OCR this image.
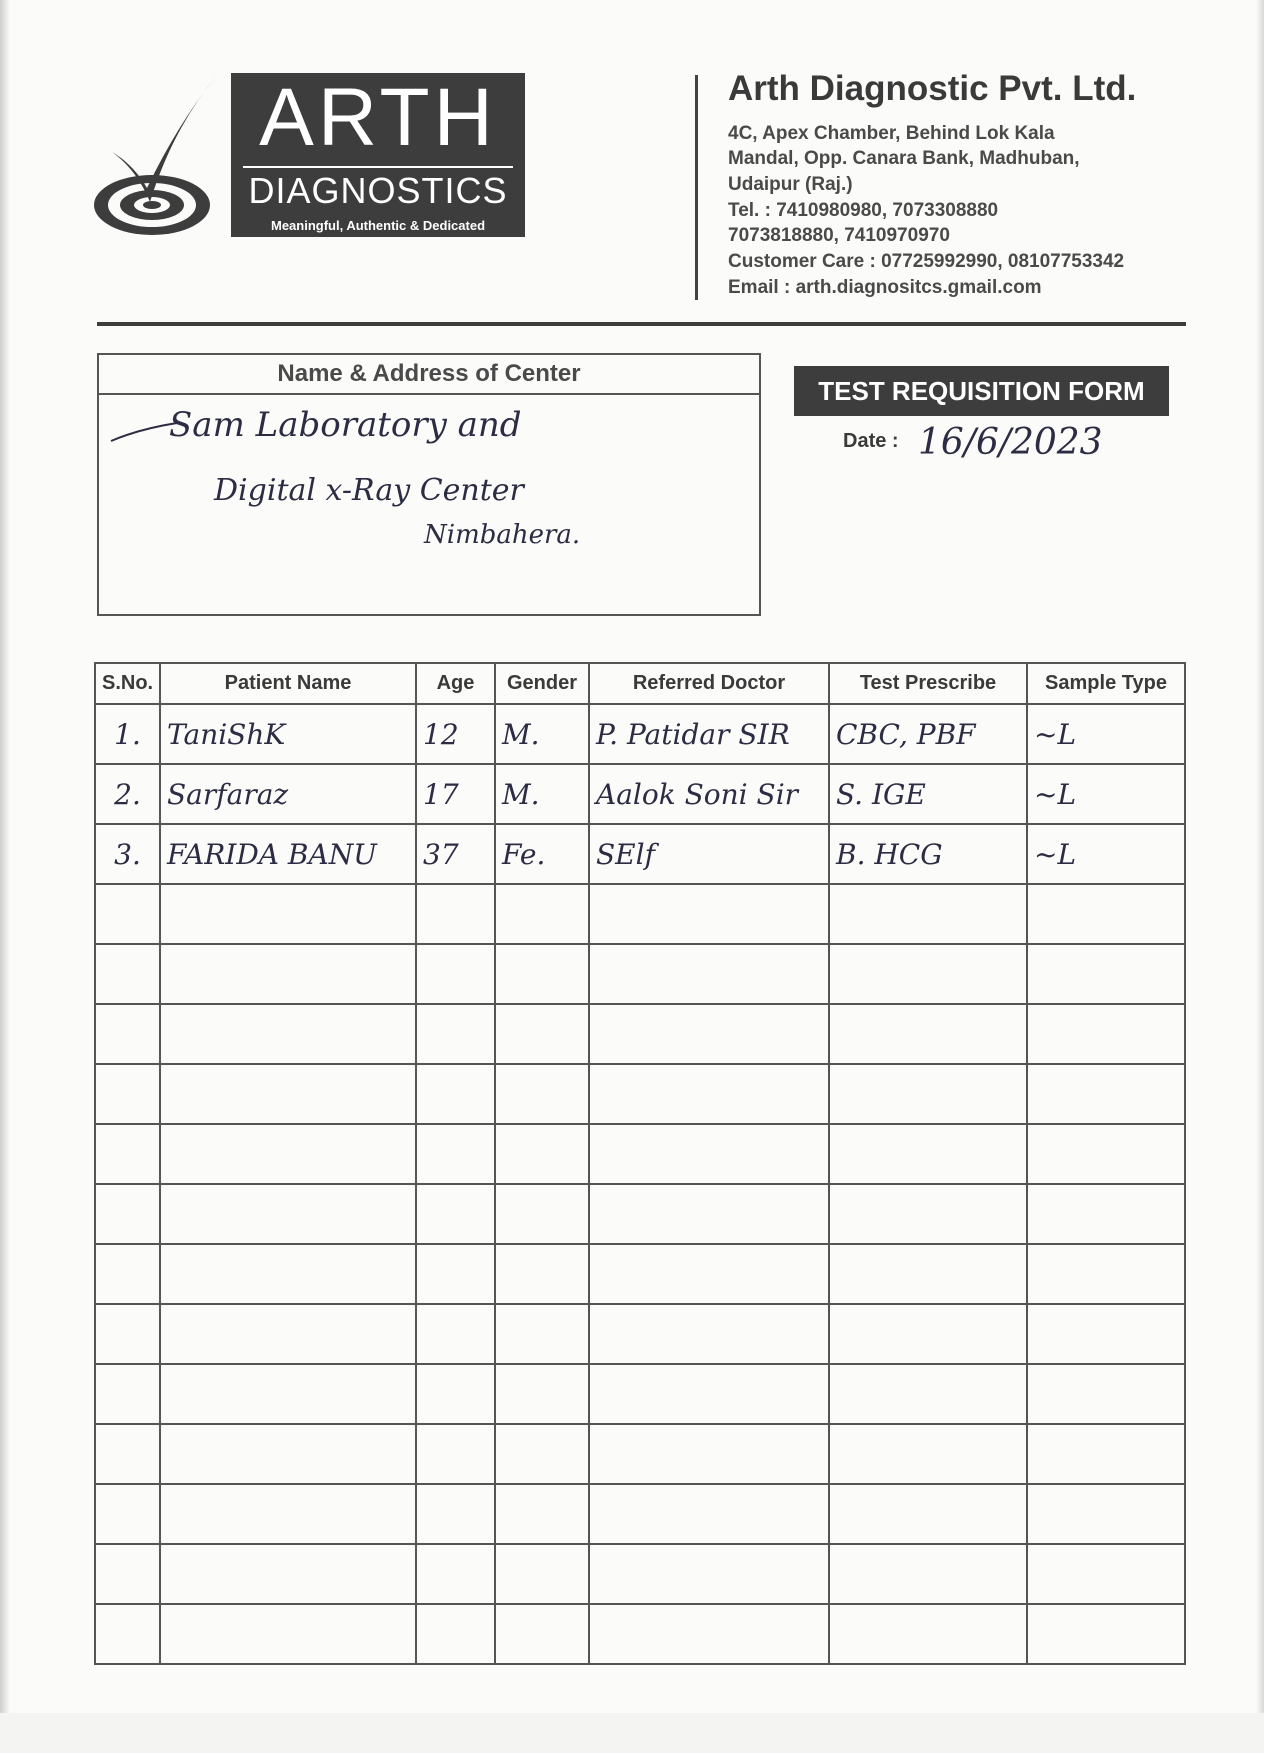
ARTH
DIAGNOSTICS
Meaningful, Authentic & Dedicated
Arth Diagnostic Pvt. Ltd.
4C, Apex Chamber, Behind Lok Kala
Mandal, Opp. Canara Bank, Madhuban,
Udaipur (Raj.)
Tel. : 7410980980, 7073308880
7073818880, 7410970970
Customer Care : 07725992990, 08107753342
Email : arth.diagnositcs.gmail.com
Name & Address of Center
Sam Laboratory and
Digital x-Ray Center
Nimbahera.
TEST REQUISITION FORM
Date : 16/6/2023
S.No.	Patient Name	Age	Gender	Referred Doctor	Test Prescribe	Sample Type
1.	TaniShK	12	M.	P. Patidar SIR	CBC, PBF	~L
2.	Sarfaraz	17	M.	Aalok Soni Sir	S. IGE	~L
3.	FARIDA BANU	37	Fe.	SElf	B. HCG	~L
